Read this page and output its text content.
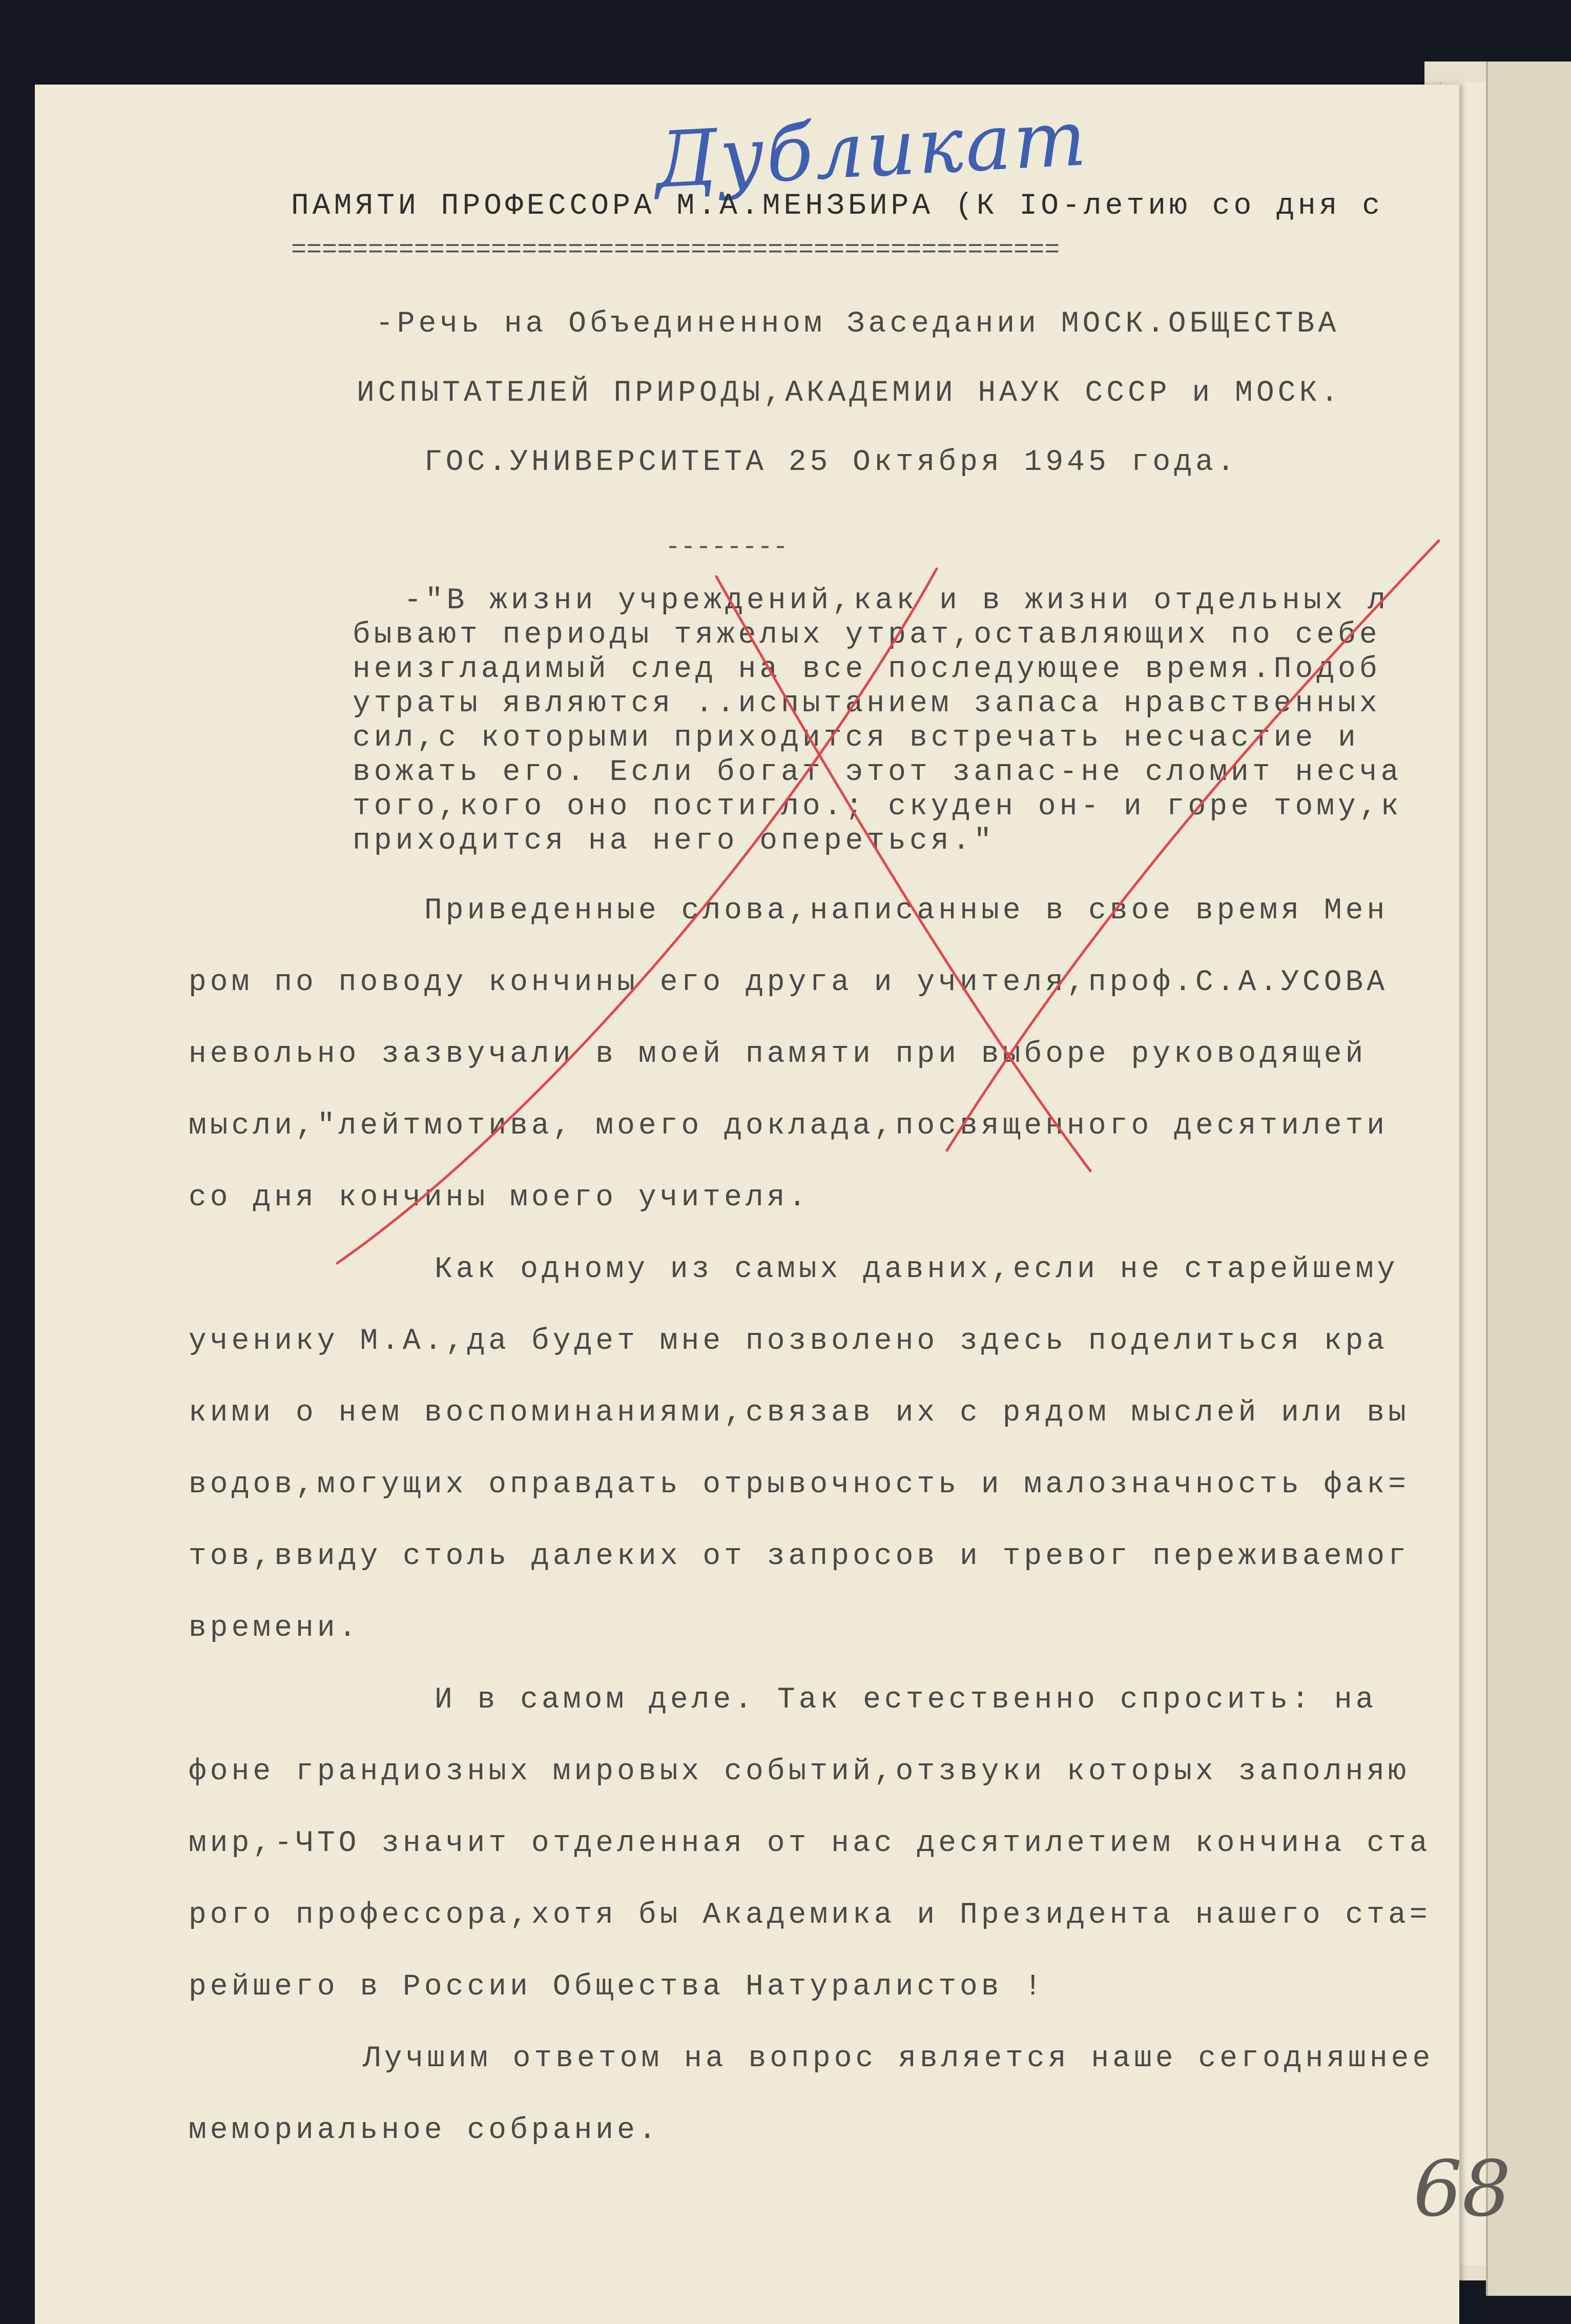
Дубликат
ПАМЯТИ ПРОФЕССОРА М.А.МЕНЗБИРА (К IO-летию со дня с
==================================================
-Речь на Объединенном Заседании МОСК.ОБЩЕСТВА
ИСПЫТАТЕЛЕЙ ПРИРОДЫ,АКАДЕМИИ НАУК СССР и МОСК.
ГОС.УНИВЕРСИТЕТА 25 Октября 1945 года.
--------
-"В жизни учреждений,как и в жизни отдельных л
бывают периоды тяжелых утрат,оставляющих по себе
неизгладимый след на все последующее время.Подоб
утраты являются ..испытанием запаса нравственных
сил,с которыми приходится встречать несчастие и
вожать его. Если богат этот запас-не сломит несча
того,кого оно постигло.; скуден он- и горе тому,к
приходится на него опереться."
Приведенные слова,написанные в свое время Мен
ром по поводу кончины его друга и учителя,проф.С.А.УСОВА
невольно зазвучали в моей памяти при выборе руководящей
мысли,"лейтмотива, моего доклада,посвященного десятилети
со дня кончины моего учителя.
Как одному из самых давних,если не старейшему
ученику М.А.,да будет мне позволено здесь поделиться кра
кими о нем воспоминаниями,связав их с рядом мыслей или вы
водов,могущих оправдать отрывочность и малозначность фак=
тов,ввиду столь далеких от запросов и тревог переживаемог
времени.
И в самом деле. Так естественно спросить: на
фоне грандиозных мировых событий,отзвуки которых заполняю
мир,-ЧТО значит отделенная от нас десятилетием кончина ста
рого профессора,хотя бы Академика и Президента нашего ста=
рейшего в России Общества Натуралистов !
Лучшим ответом на вопрос является наше сегодняшнее
мемориальное собрание.
68
